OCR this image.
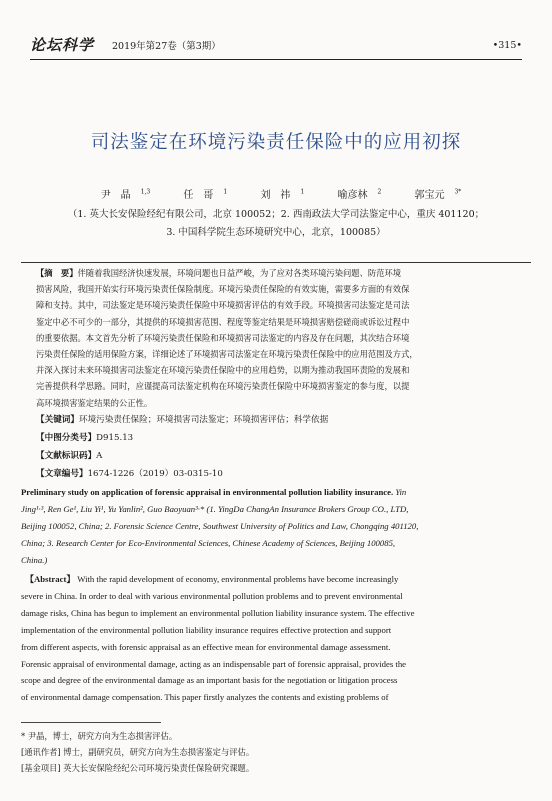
论坛科学 2019年第27卷（第3期）	•315•
司法鉴定在环境污染责任保险中的应用初探
尹　晶 $^{1,3}$	任　哥 $^1$	刘　祎 $^1$	喻彦林 $^2$	郭宝元 $^{3*}$
（1. 英大长安保险经纪有限公司，北京 100052；2. 西南政法大学司法鉴定中心，重庆 401120；
3. 中国科学院生态环境研究中心，北京，100085）
【摘　要】伴随着我国经济快速发展，环境问题也日益严峻，为了应对各类环境污染问题、防范环境
损害风险，我国开始实行环境污染责任保险制度。环境污染责任保险的有效实施，需要多方面的有效保
障和支持。其中，司法鉴定是环境污染责任保险中环境损害评估的有效手段。环境损害司法鉴定是司法
鉴定中必不可少的一部分，其提供的环境损害范围、程度等鉴定结果是环境损害赔偿磋商或诉讼过程中
的重要依据。本文首先分析了环境污染责任保险和环境损害司法鉴定的内容及存在问题，其次结合环境
污染责任保险的适用保险方案，详细论述了环境损害司法鉴定在环境污染责任保险中的应用范围及方式，
并深入探讨未来环境损害司法鉴定在环境污染责任保险中的应用趋势，以期为推动我国环责险的发展和
完善提供科学思路。同时，应谨提高司法鉴定机构在环境污染责任保险中环境损害鉴定的参与度，以提
高环境损害鉴定结果的公正性。
【关键词】环境污染责任保险；环境损害司法鉴定；环境损害评估；科学依据
【中图分类号】D915.13
【文献标识码】A
【文章编号】1674-1226（2019）03-0315-10
Preliminary study on application of forensic appraisal in environmental pollution liability insurance. Yin
Jing¹·³, Ren Ge¹, Liu Yi¹, Yu Yanlin², Guo Baoyuan³·* (1. YingDa ChangAn Insurance Brokers Group CO., LTD,
Beijing 100052, China; 2. Forensic Science Centre, Southwest University of Politics and Law, Chongqing 401120,
China; 3. Research Center for Eco-Environmental Sciences, Chinese Academy of Sciences, Beijing 100085,
China.)
【Abstract】 With the rapid development of economy, environmental problems have become increasingly
severe in China. In order to deal with various environmental pollution problems and to prevent environmental
damage risks, China has begun to implement an environmental pollution liability insurance system. The effective
implementation of the environmental pollution liability insurance requires effective protection and support
from different aspects, with forensic appraisal as an effective mean for environmental damage assessment.
Forensic appraisal of environmental damage, acting as an indispensable part of forensic appraisal, provides the
scope and degree of the environmental damage as an important basis for the negotiation or litigation process
of environmental damage compensation. This paper firstly analyzes the contents and existing problems of
* 尹晶，博士，研究方向为生态损害评估。
[通讯作者] 博士，副研究员，研究方向为生态损害鉴定与评估。
[基金项目] 英大长安保险经纪公司环境污染责任保险研究课题。
